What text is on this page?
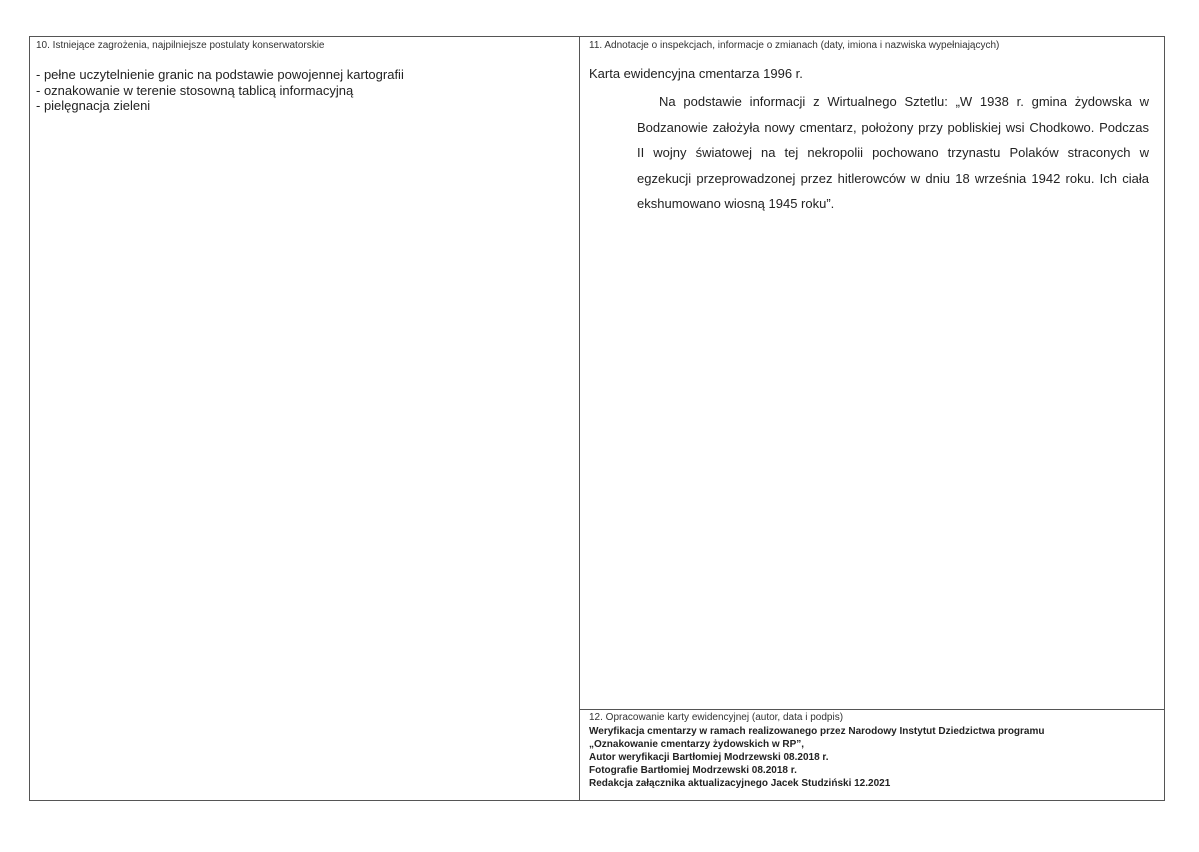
10. Istniejące zagrożenia, najpilniejsze postulaty konserwatorskie
- pełne uczytelnienie granic na podstawie powojennej kartografii
- oznakowanie w terenie stosowną tablicą informacyjną
- pielęgnacja zieleni
11. Adnotacje o inspekcjach, informacje o zmianach (daty, imiona i nazwiska wypełniających)
Karta ewidencyjna cmentarza 1996 r.

Na podstawie informacji z Wirtualnego Sztetlu: „W 1938 r. gmina żydowska w Bodzanowie założyła nowy cmentarz, położony przy pobliskiej wsi Chodkowo. Podczas II wojny światowej na tej nekropolii pochowano trzynastu Polaków straconych w egzekucji przeprowadzonej przez hitlerowców w dniu 18 września 1942 roku. Ich ciała ekshumowano wiosną 1945 roku”.

12. Opracowanie karty ewidencyjnej (autor, data i podpis)
Weryfikacja cmentarzy w ramach realizowanego przez Narodowy Instytut Dziedzictwa programu
„Oznakowanie cmentarzy żydowskich w RP”,
Autor weryfikacji Bartłomiej Modrzewski 08.2018 r.
Fotografie Bartłomiej Modrzewski 08.2018 r.
Redakcja załącznika aktualizacyjnego Jacek Studziński 12.2021
